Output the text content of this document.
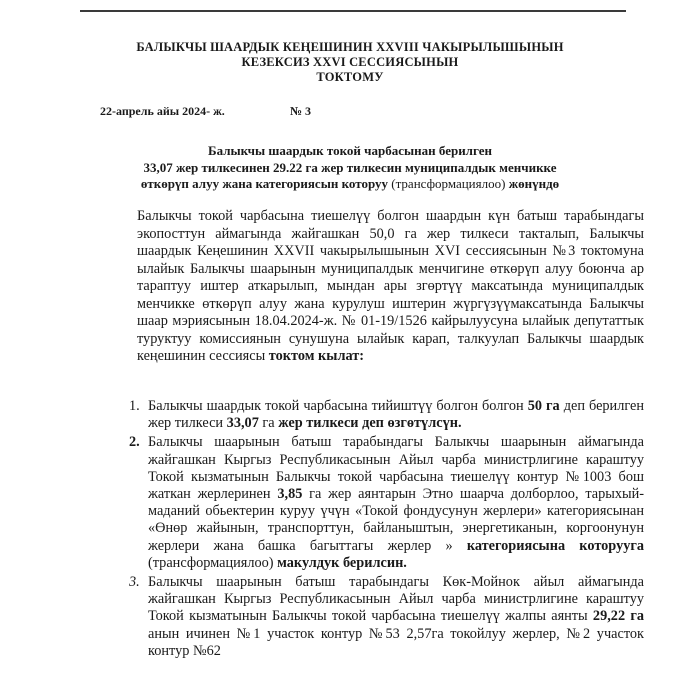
БАЛЫКЧЫ ШААРДЫК КЕҢЕШИНИН XXVIII ЧАКЫРЫЛЫШЫНЫН
КЕЗЕКСИЗ XXVI СЕССИЯСЫНЫН
ТОКТОМУ
22-апрель айы 2024- ж.	№ 3
Балыкчы шаардык токой чарбасынан берилген
33,07 жер тилкесинен 29.22 га жер тилкесин муниципалдык менчикке
өткөрүп алуу жана категориясын которуу (трансформациялоо) жөнүндө

Балыкчы токой чарбасына тиешелүү болгон шаардын күн батыш тарабындагы экопосттун аймагында жайгашкан 50,0 га жер тилкеси такталып, Балыкчы шаардык Кеңешинин XXVII чакырылышынын XVI сессиясынын №3 токтомуна ылайык Балыкчы шаарынын муниципалдык менчигине өткөрүп алуу боюнча ар тараптуу иштер аткарылып, мындан ары згөртүү максатында муниципалдык менчикке өткөрүп алуу жана курулуш иштерин жүргүзүүмаксатында Балыкчы шаар мэриясынын 18.04.2024-ж. № 01-19/1526 кайрылуусуна ылайык депутаттык туруктуу комиссиянын сунушуна ылайык карап, талкуулап Балыкчы шаардык кеңешинин сессиясы токтом кылат:

1. Балыкчы шаардык токой чарбасына тийиштүү болгон болгон 50 га деп берилген жер тилкеси 33,07 га жер тилкеси деп өзгөтүлсүн.
2. Балыкчы шаарынын батыш тарабындагы Балыкчы шаарынын аймагында жайгашкан Кыргыз Республикасынын Айыл чарба министрлигине караштуу Токой кызматынын Балыкчы токой чарбасына тиешелүү контур №1003 бош жаткан жерлеринен 3,85 га жер аянтарын Этно шаарча долборлоо, тарыхый-маданий обьектерин куруу үчүн «Токой фондусунун жерлери» категориясынан «Өнөр жайынын, транспорттун, байланыштын, энергетиканын, коргоонунун жерлери жана башка багыттагы жерлер » категориясына которууга (трансформациялоо) макулдук берилсин.
3. Балыкчы шаарынын батыш тарабындагы Көк-Мойнок айыл аймагында жайгашкан Кыргыз Республикасынын Айыл чарба министрлигине караштуу Токой кызматынын Балыкчы токой чарбасына тиешелүү жалпы аянты 29,22 га анын ичинен №1 участок контур №53 2,57га токойлуу жерлер, №2 участок контур №62
